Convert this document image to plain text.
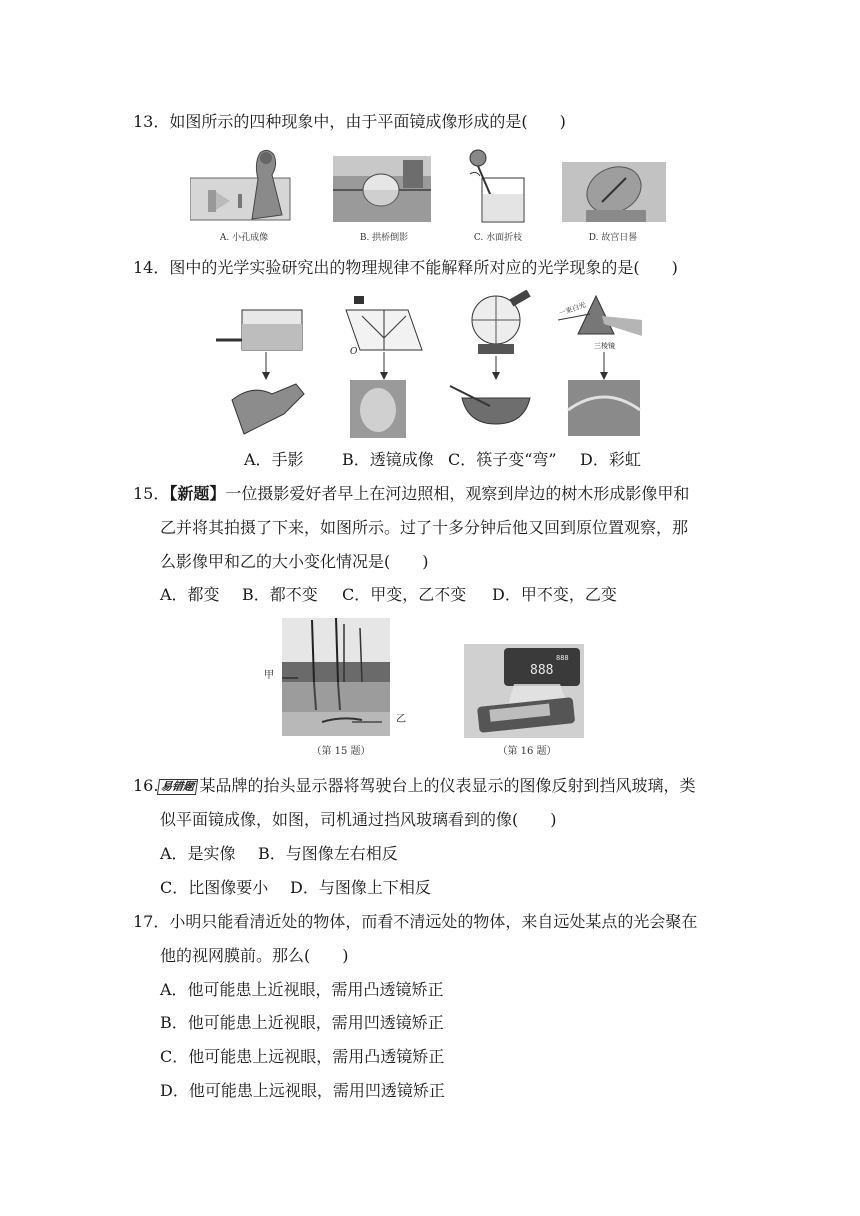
13．如图所示的四种现象中，由于平面镜成像形成的是(　　)
A. 小孔成像	B. 拱桥倒影	C. 水面折枝	D. 故宫日晷
14．图中的光学实验研究出的物理规律不能解释所对应的光学现象的是(　　)
O
一束白光
三棱镜
A．手影 B．透镜成像 C．筷子变“弯” D．彩虹
15．【新题】一位摄影爱好者早上在河边照相，观察到岸边的树木形成影像甲和
乙并将其拍摄了下来，如图所示。过了十多分钟后他又回到原位置观察，那
么影像甲和乙的大小变化情况是(　　)
A．都变 B．都不变 C．甲变，乙不变 D．甲不变，乙变
甲
乙
（第 15 题）
888
888
（第 16 题）
16. 易错题 某品牌的抬头显示器将驾驶台上的仪表显示的图像反射到挡风玻璃，类
似平面镜成像，如图，司机通过挡风玻璃看到的像(　　)
A．是实像 B．与图像左右相反
C．比图像要小 D．与图像上下相反
17．小明只能看清近处的物体，而看不清远处的物体，来自远处某点的光会聚在
他的视网膜前。那么(　　)
A．他可能患上近视眼，需用凸透镜矫正
B．他可能患上近视眼，需用凹透镜矫正
C．他可能患上远视眼，需用凸透镜矫正
D．他可能患上远视眼，需用凹透镜矫正
